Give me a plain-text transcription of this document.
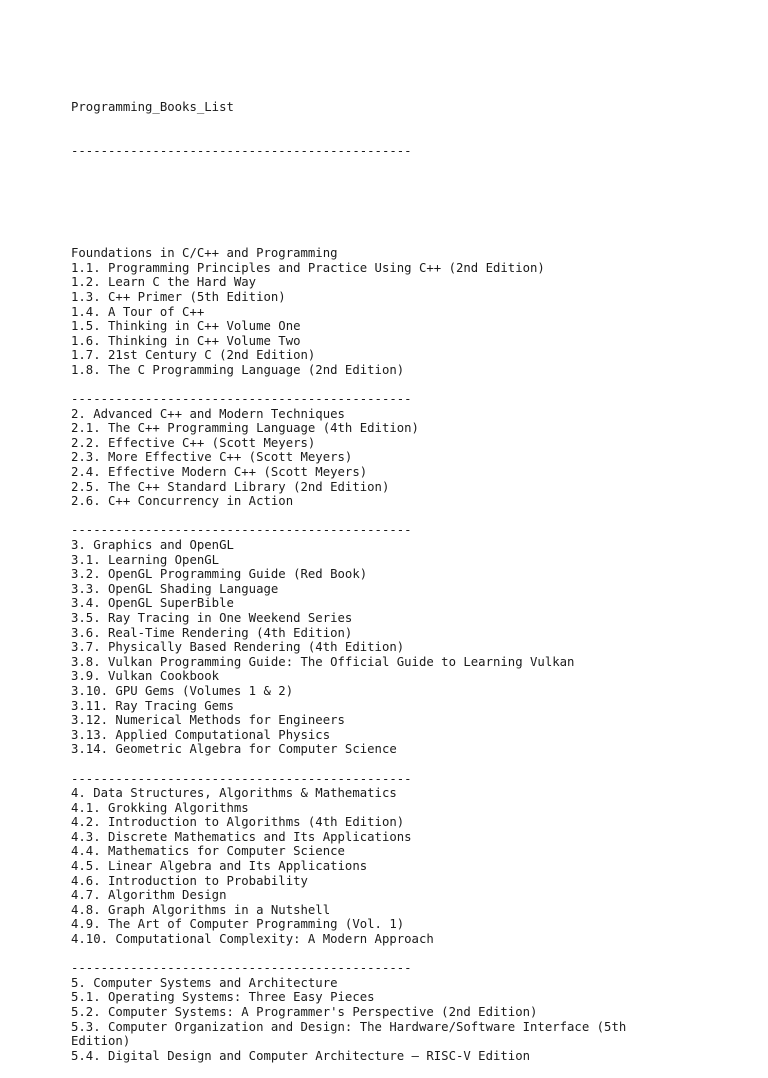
Programming_Books_List

----------------------------------------------

Foundations in C/C++ and Programming
1.1. Programming Principles and Practice Using C++ (2nd Edition)
1.2. Learn C the Hard Way
1.3. C++ Primer (5th Edition)
1.4. A Tour of C++
1.5. Thinking in C++ Volume One
1.6. Thinking in C++ Volume Two
1.7. 21st Century C (2nd Edition)
1.8. The C Programming Language (2nd Edition)
----------------------------------------------
2. Advanced C++ and Modern Techniques
2.1. The C++ Programming Language (4th Edition)
2.2. Effective C++ (Scott Meyers)
2.3. More Effective C++ (Scott Meyers)
2.4. Effective Modern C++ (Scott Meyers)
2.5. The C++ Standard Library (2nd Edition)
2.6. C++ Concurrency in Action
----------------------------------------------
3. Graphics and OpenGL
3.1. Learning OpenGL
3.2. OpenGL Programming Guide (Red Book)
3.3. OpenGL Shading Language
3.4. OpenGL SuperBible
3.5. Ray Tracing in One Weekend Series
3.6. Real-Time Rendering (4th Edition)
3.7. Physically Based Rendering (4th Edition)
3.8. Vulkan Programming Guide: The Official Guide to Learning Vulkan
3.9. Vulkan Cookbook
3.10. GPU Gems (Volumes 1 & 2)
3.11. Ray Tracing Gems
3.12. Numerical Methods for Engineers
3.13. Applied Computational Physics
3.14. Geometric Algebra for Computer Science
----------------------------------------------
4. Data Structures, Algorithms & Mathematics
4.1. Grokking Algorithms
4.2. Introduction to Algorithms (4th Edition)
4.3. Discrete Mathematics and Its Applications
4.4. Mathematics for Computer Science
4.5. Linear Algebra and Its Applications
4.6. Introduction to Probability
4.7. Algorithm Design
4.8. Graph Algorithms in a Nutshell
4.9. The Art of Computer Programming (Vol. 1)
4.10. Computational Complexity: A Modern Approach
----------------------------------------------
5. Computer Systems and Architecture
5.1. Operating Systems: Three Easy Pieces
5.2. Computer Systems: A Programmer's Perspective (2nd Edition)
5.3. Computer Organization and Design: The Hardware/Software Interface (5th Edition)
5.4. Digital Design and Computer Architecture – RISC-V Edition
